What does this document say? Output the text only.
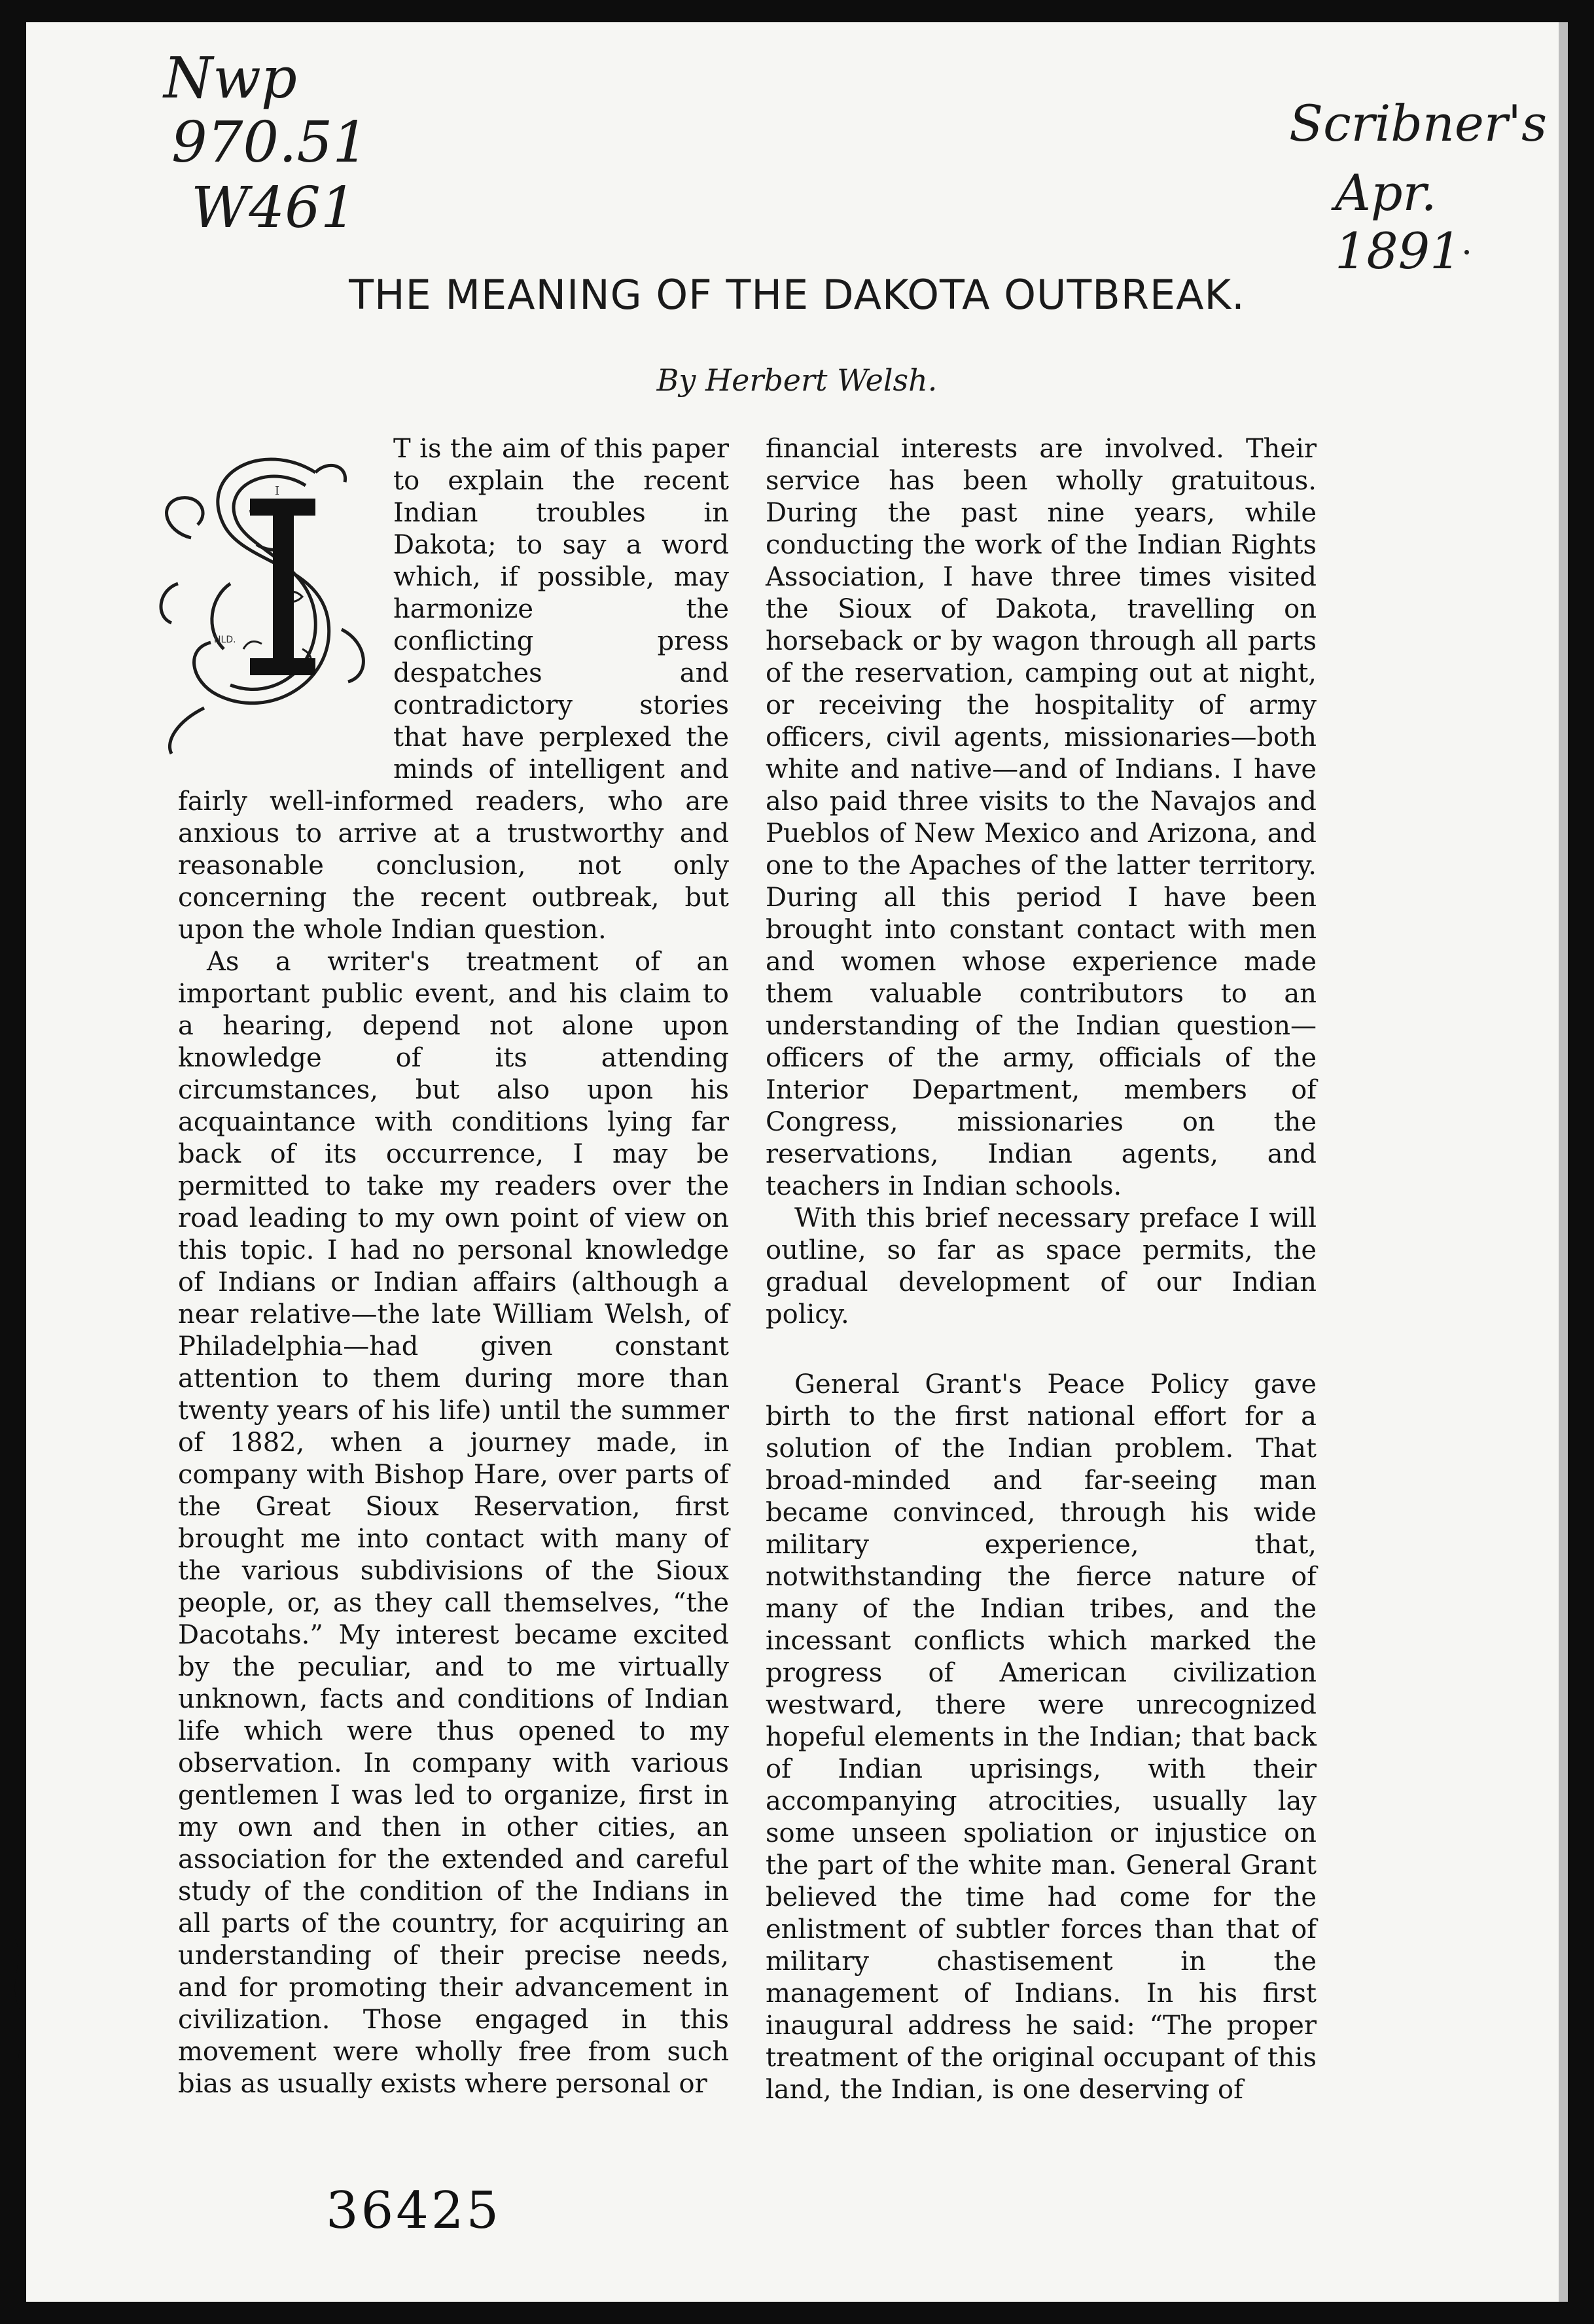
Nwp
970.51
W461
Scribner's
Apr. 1891
THE MEANING OF THE DAKOTA OUTBREAK.
By Herbert Welsh.
I
HLD.

T is the aim of this paper to explain the recent Indian troubles in Dakota; to say a word which, if possible, may harmonize the conflicting press despatches and contradictory stories that have perplexed the minds of intelligent and fairly well-informed readers, who are anxious to arrive at a trustworthy and reasonable conclusion, not only concerning the recent outbreak, but upon the whole Indian question.

As a writer's treatment of an important public event, and his claim to a hearing, depend not alone upon knowledge of its attending circumstances, but also upon his acquaintance with conditions lying far back of its occurrence, I may be permitted to take my readers over the road leading to my own point of view on this topic. I had no personal knowledge of Indians or Indian affairs (although a near relative—the late William Welsh, of Philadelphia—had given constant attention to them during more than twenty years of his life) until the summer of 1882, when a journey made, in company with Bishop Hare, over parts of the Great Sioux Reservation, first brought me into contact with many of the various subdivisions of the Sioux people, or, as they call themselves, “the Dacotahs.” My interest became excited by the peculiar, and to me virtually unknown, facts and conditions of Indian life which were thus opened to my observation. In company with various gentlemen I was led to organize, first in my own and then in other cities, an association for the extended and careful study of the condition of the Indians in all parts of the country, for acquiring an understanding of their precise needs, and for promoting their advancement in civilization. Those engaged in this movement were wholly free from such bias as usually exists where personal or

financial interests are involved. Their service has been wholly gratuitous. During the past nine years, while conducting the work of the Indian Rights Association, I have three times visited the Sioux of Dakota, travelling on horseback or by wagon through all parts of the reservation, camping out at night, or receiving the hospitality of army officers, civil agents, missionaries—both white and native—and of Indians. I have also paid three visits to the Navajos and Pueblos of New Mexico and Arizona, and one to the Apaches of the latter territory. During all this period I have been brought into constant contact with men and women whose experience made them valuable contributors to an understanding of the Indian question—officers of the army, officials of the Interior Department, members of Congress, missionaries on the reservations, Indian agents, and teachers in Indian schools.

With this brief necessary preface I will outline, so far as space permits, the gradual development of our Indian policy.

General Grant's Peace Policy gave birth to the first national effort for a solution of the Indian problem. That broad-minded and far-seeing man became convinced, through his wide military experience, that, notwithstanding the fierce nature of many of the Indian tribes, and the incessant conflicts which marked the progress of American civilization westward, there were unrecognized hopeful elements in the Indian; that back of Indian uprisings, with their accompanying atrocities, usually lay some unseen spoliation or injustice on the part of the white man. General Grant believed the time had come for the enlistment of subtler forces than that of military chastisement in the management of Indians. In his first inaugural address he said: “The proper treatment of the original occupant of this land, the Indian, is one deserving of

36425
